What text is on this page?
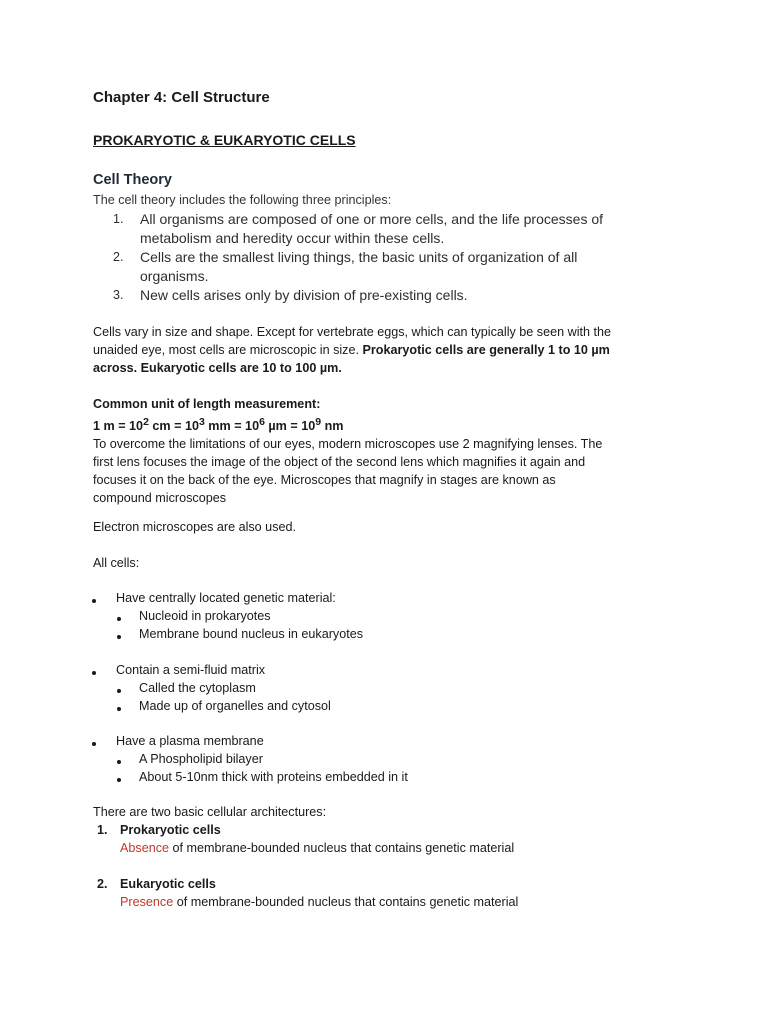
Chapter 4: Cell Structure
PROKARYOTIC & EUKARYOTIC CELLS
Cell Theory
The cell theory includes the following three principles:
1. All organisms are composed of one or more cells, and the life processes of
metabolism and heredity occur within these cells.
2. Cells are the smallest living things, the basic units of organization of all
organisms.
3. New cells arises only by division of pre-existing cells.
Cells vary in size and shape. Except for vertebrate eggs, which can typically be seen with the
unaided eye, most cells are microscopic in size. Prokaryotic cells are generally 1 to 10 µm
across. Eukaryotic cells are 10 to 100 µm.
Common unit of length measurement:
1 $m = 10^2$ cm = $10^3$ mm = $10^6$ $\mu m = 10^9$ nm
To overcome the limitations of our eyes, modern microscopes use 2 magnifying lenses. The
first lens focuses the image of the object of the second lens which magnifies it again and
focuses it on the back of the eye. Microscopes that magnify in stages are known as
compound microscopes
Electron microscopes are also used.
All cells:
Have centrally located genetic material:
Nucleoid in prokaryotes
Membrane bound nucleus in eukaryotes
Contain a semi-fluid matrix
Called the cytoplasm
Made up of organelles and cytosol
Have a plasma membrane
A Phospholipid bilayer
About 5-10nm thick with proteins embedded in it
There are two basic cellular architectures:
1. Prokaryotic cells
Absence of membrane-bounded nucleus that contains genetic material
2. Eukaryotic cells
Presence of membrane-bounded nucleus that contains genetic material
